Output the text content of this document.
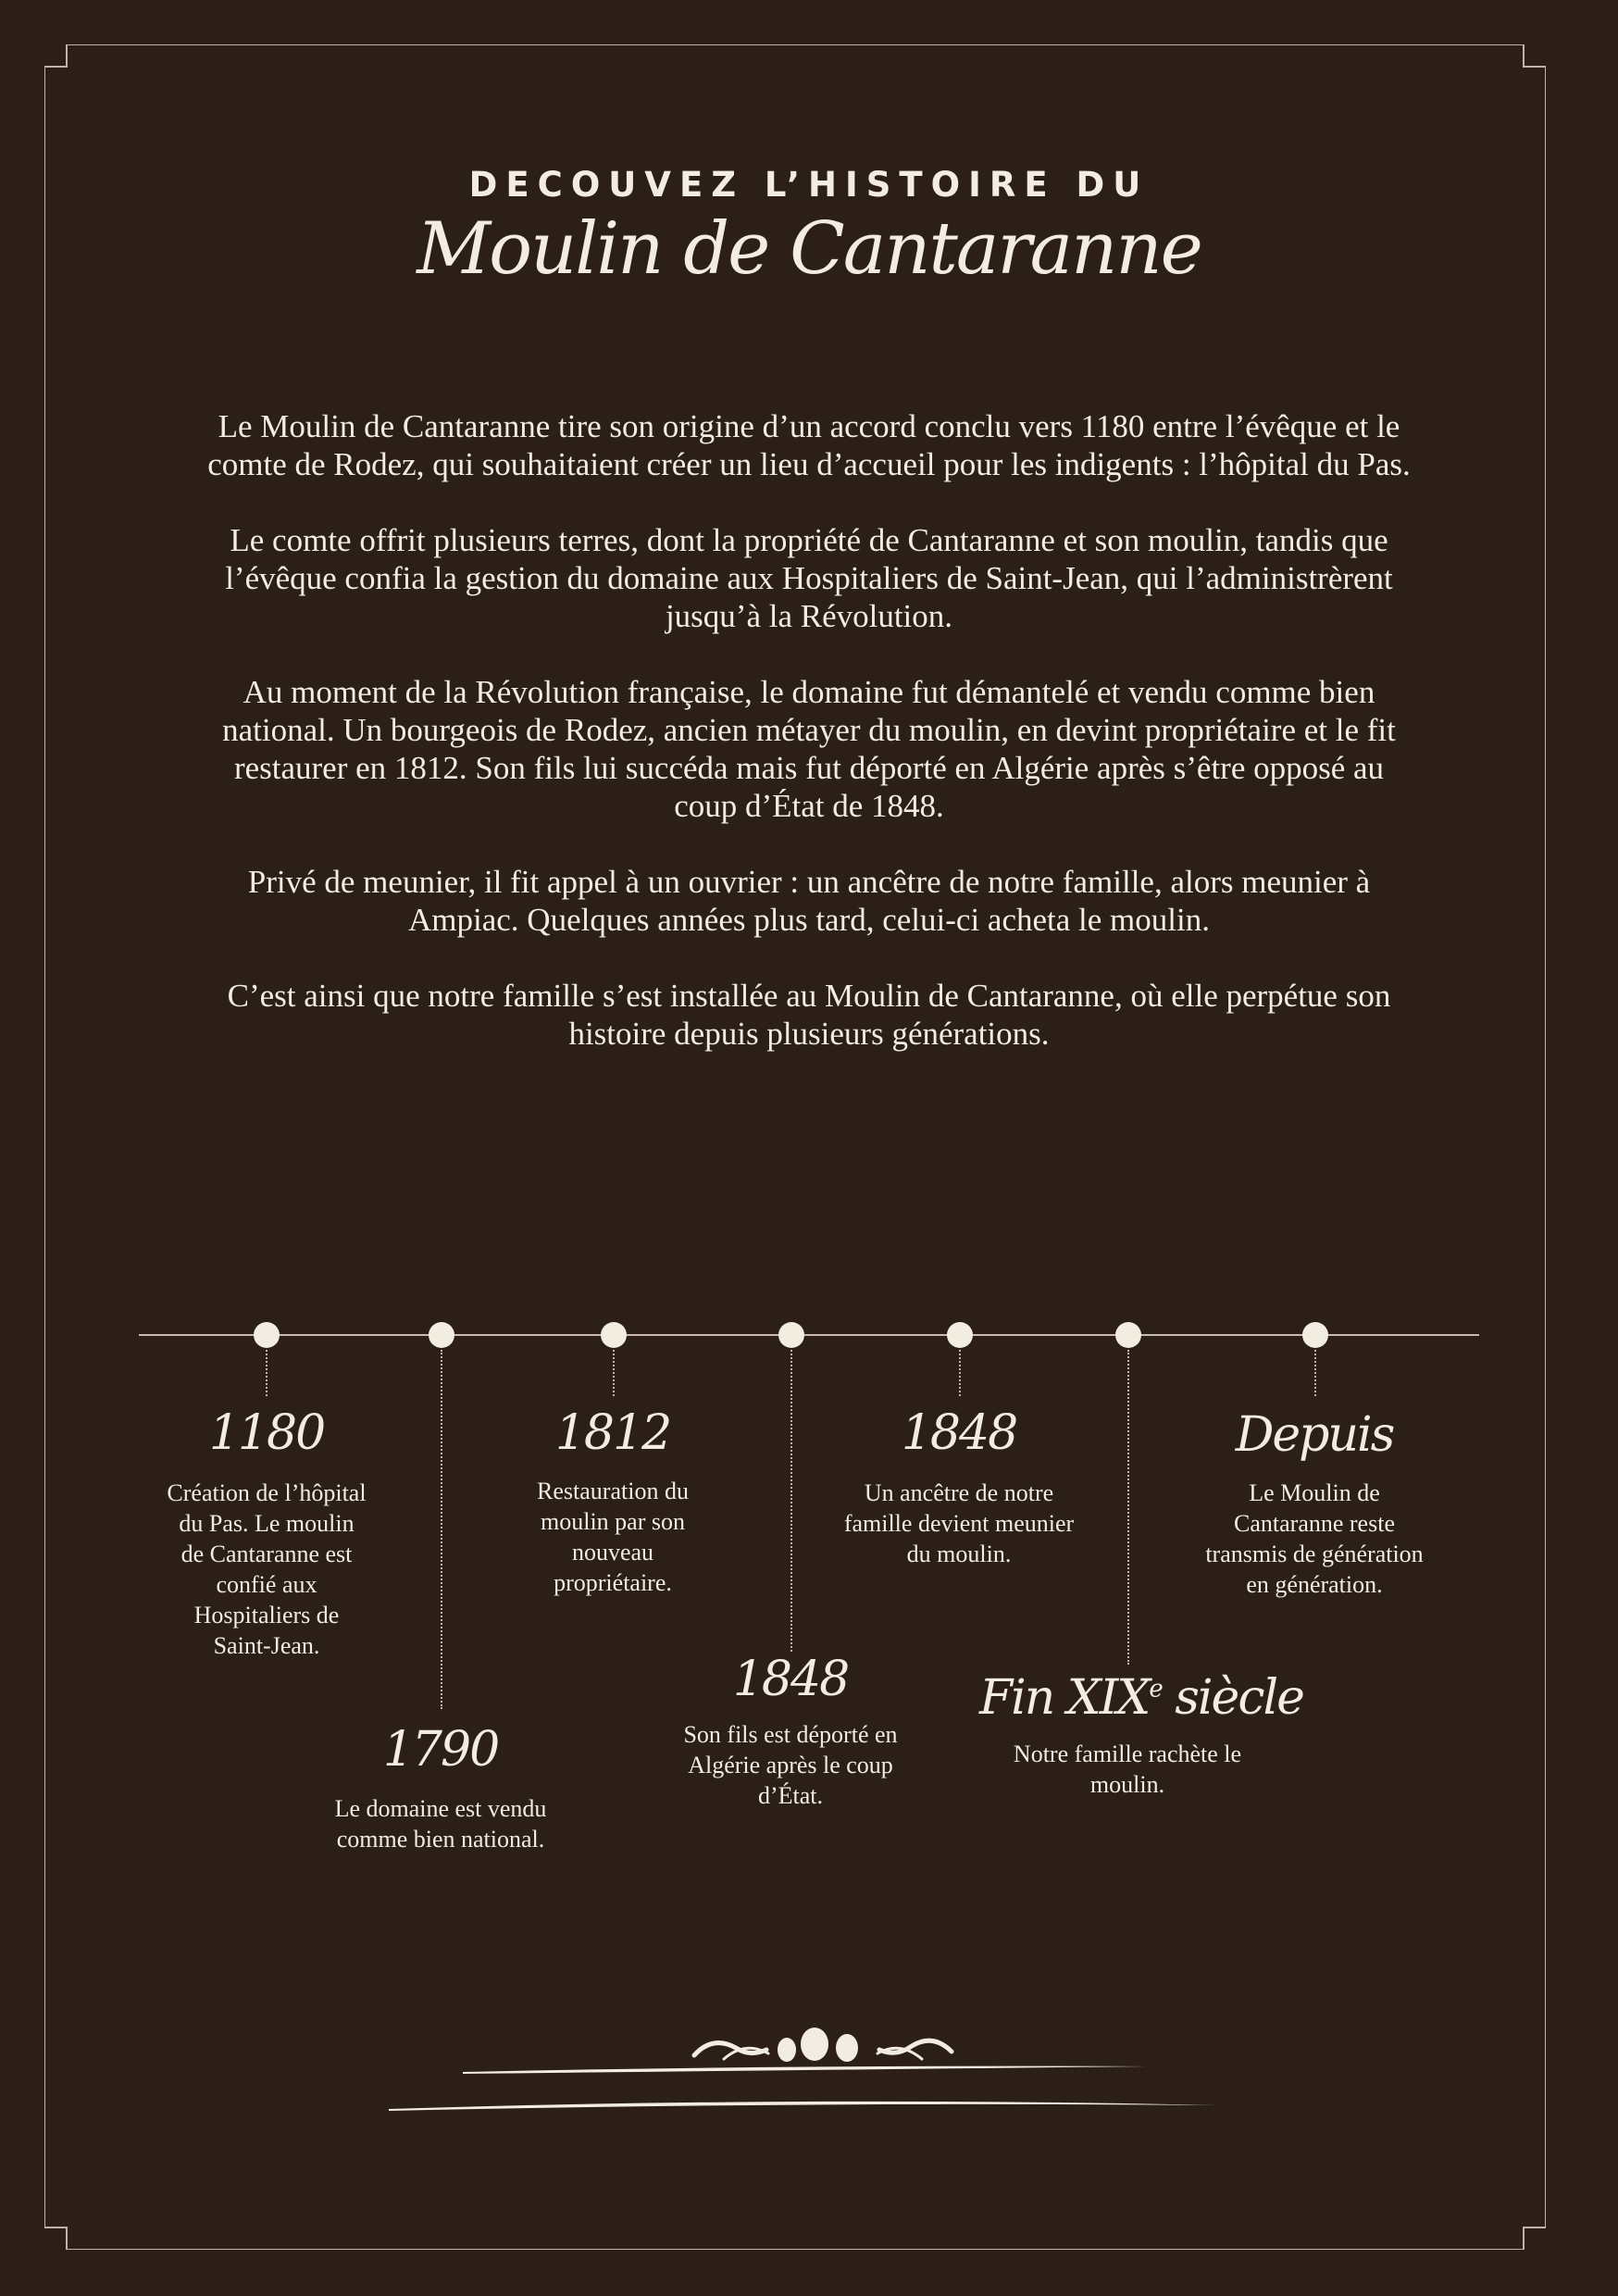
DECOUVEZ L’HISTOIRE DU
Moulin de Cantaranne

Le Moulin de Cantaranne tire son origine d’un accord conclu vers 1180 entre l’évêque et le comte de Rodez, qui souhaitaient créer un lieu d’accueil pour les indigents : l’hôpital du Pas.

Le comte offrit plusieurs terres, dont la propriété de Cantaranne et son moulin, tandis que l’évêque confia la gestion du domaine aux Hospitaliers de Saint-Jean, qui l’administrèrent jusqu’à la Révolution.

Au moment de la Révolution française, le domaine fut démantelé et vendu comme bien national. Un bourgeois de Rodez, ancien métayer du moulin, en devint propriétaire et le fit restaurer en 1812. Son fils lui succéda mais fut déporté en Algérie après s’être opposé au coup d’État de 1848.

Privé de meunier, il fit appel à un ouvrier : un ancêtre de notre famille, alors meunier à Ampiac. Quelques années plus tard, celui-ci acheta le moulin.

C’est ainsi que notre famille s’est installée au Moulin de Cantaranne, où elle perpétue son histoire depuis plusieurs générations.

1180
Création de l’hôpital du Pas. Le moulin de Cantaranne est confié aux Hospitaliers de Saint-Jean.
1790
Le domaine est vendu comme bien national.
1812
Restauration du moulin par son nouveau propriétaire.
1848
Son fils est déporté en Algérie après le coup d’État.
1848
Un ancêtre de notre famille devient meunier du moulin.
Fin XIXe siècle
Notre famille rachète le moulin.
Depuis
Le Moulin de Cantaranne reste transmis de génération en génération.
